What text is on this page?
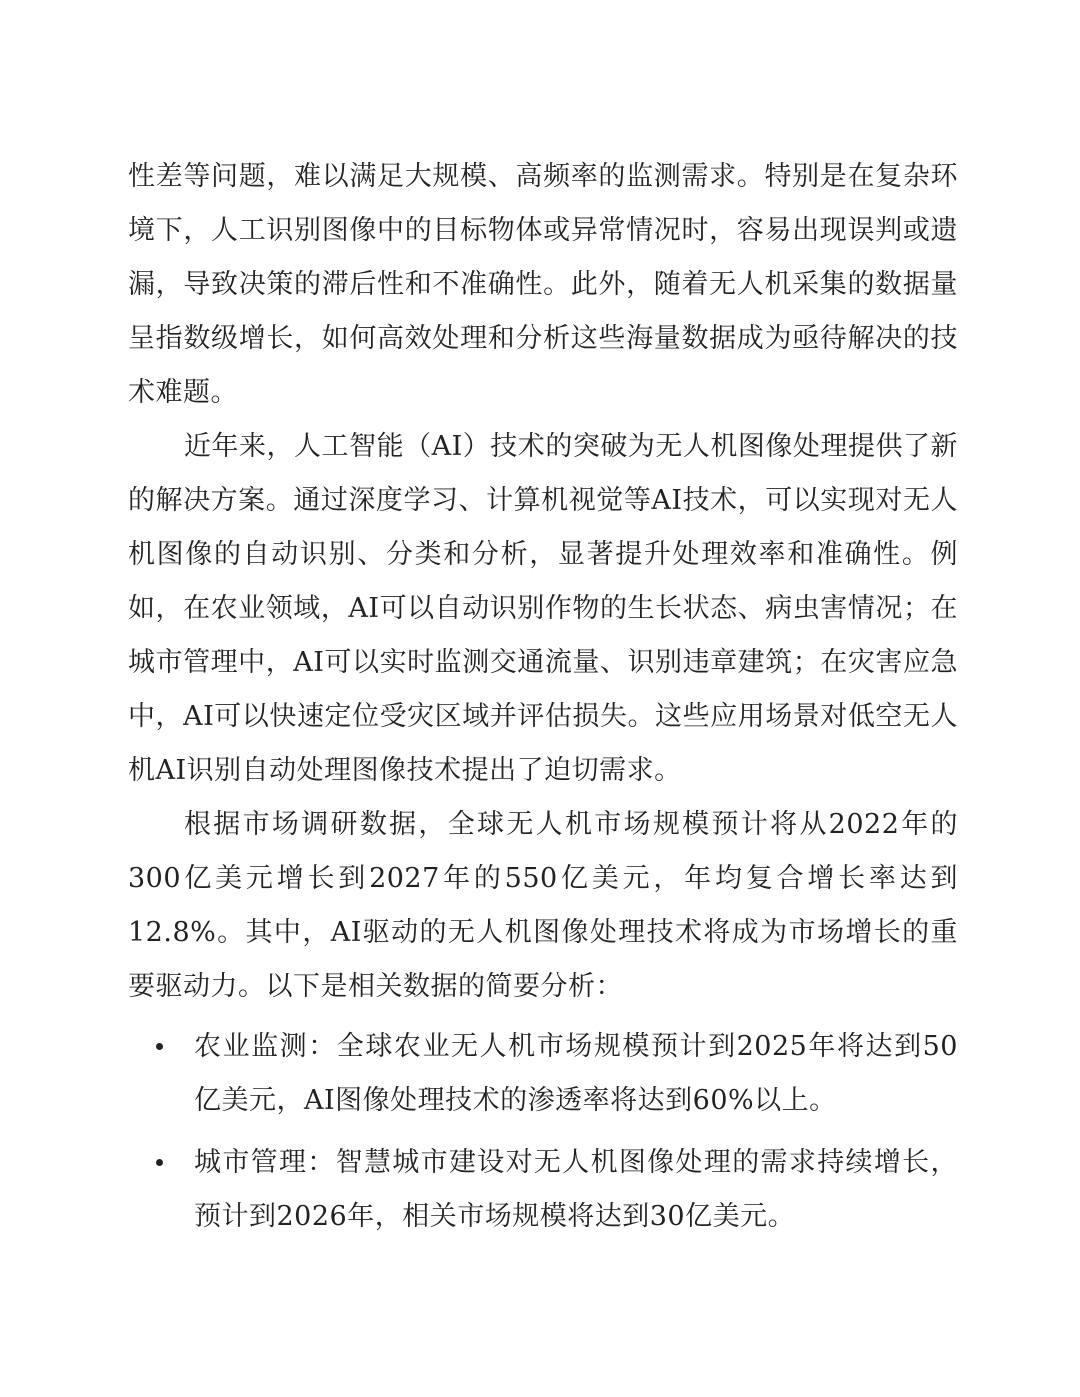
性差等问题，难以满足大规模、高频率的监测需求。特别是在复杂环境下，人工识别图像中的目标物体或异常情况时，容易出现误判或遗漏，导致决策的滞后性和不准确性。此外，随着无人机采集的数据量呈指数级增长，如何高效处理和分析这些海量数据成为亟待解决的技术难题。

近年来，人工智能（AI）技术的突破为无人机图像处理提供了新的解决方案。通过深度学习、计算机视觉等AI技术，可以实现对无人机图像的自动识别、分类和分析，显著提升处理效率和准确性。例如，在农业领域，AI可以自动识别作物的生长状态、病虫害情况；在城市管理中，AI可以实时监测交通流量、识别违章建筑；在灾害应急中，AI可以快速定位受灾区域并评估损失。这些应用场景对低空无人机AI识别自动处理图像技术提出了迫切需求。

根据市场调研数据，全球无人机市场规模预计将从2022年的300亿美元增长到2027年的550亿美元，年均复合增长率达到12.8%。其中，AI驱动的无人机图像处理技术将成为市场增长的重要驱动力。以下是相关数据的简要分析：

农业监测：全球农业无人机市场规模预计到2025年将达到50亿美元，AI图像处理技术的渗透率将达到60%以上。
城市管理：智慧城市建设对无人机图像处理的需求持续增长，预计到2026年，相关市场规模将达到30亿美元。
